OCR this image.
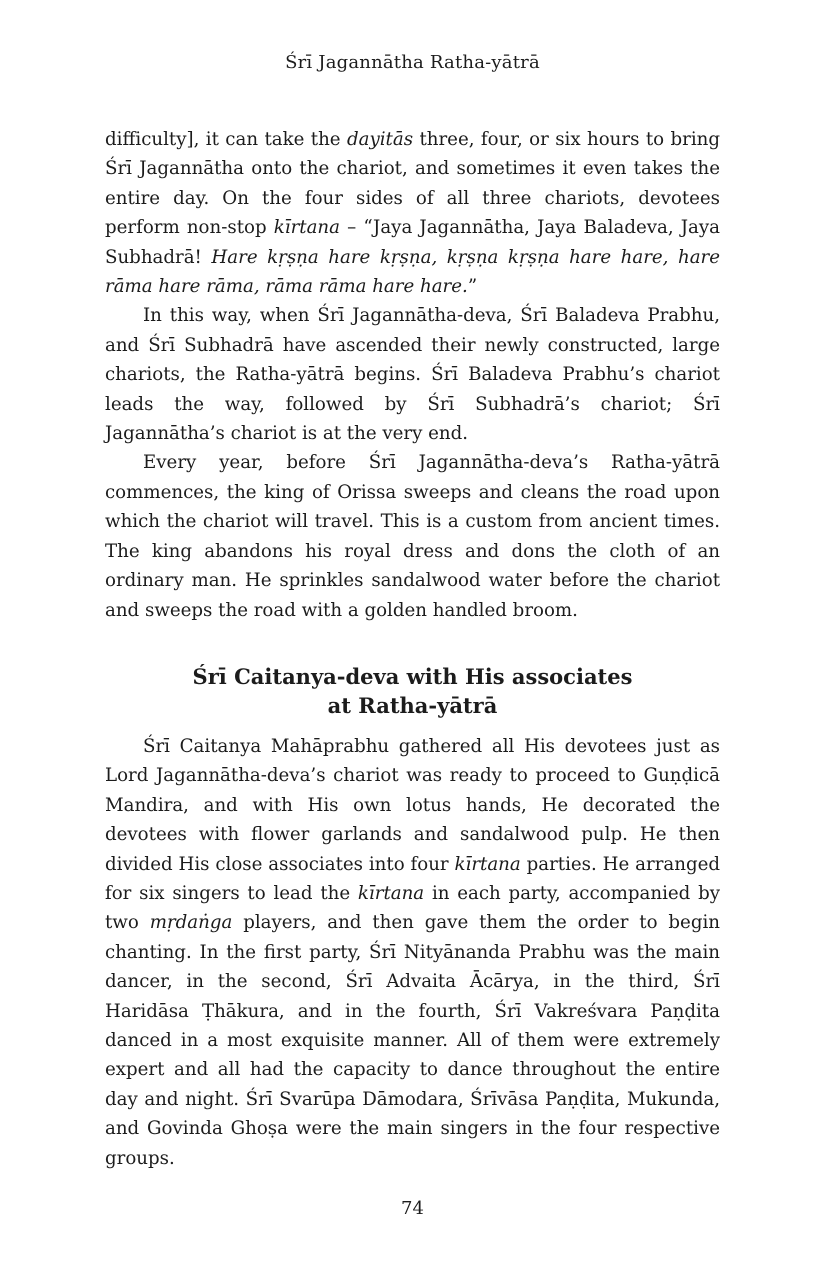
Śrī Jagannātha Ratha-yātrā

difficulty], it can take the dayitās three, four, or six hours to bring Śrī Jagannātha onto the chariot, and sometimes it even takes the entire day. On the four sides of all three chariots, devotees perform non-stop kīrtana – “Jaya Jagannātha, Jaya Baladeva, Jaya Subhadrā! Hare kṛṣṇa hare kṛṣṇa, kṛṣṇa kṛṣṇa hare hare, hare rāma hare rāma, rāma rāma hare hare.”

In this way, when Śrī Jagannātha-deva, Śrī Baladeva Prabhu, and Śrī Subhadrā have ascended their newly constructed, large chariots, the Ratha-yātrā begins. Śrī Baladeva Prabhu’s chariot leads the way, followed by Śrī Subhadrā’s chariot; Śrī Jagannātha’s chariot is at the very end.

Every year, before Śrī Jagannātha-deva’s Ratha-yātrā commences, the king of Orissa sweeps and cleans the road upon which the chariot will travel. This is a custom from ancient times. The king abandons his royal dress and dons the cloth of an ordinary man. He sprinkles sandalwood water before the chariot and sweeps the road with a golden handled broom.

Śrī Caitanya-deva with His associates
at Ratha-yātrā

Śrī Caitanya Mahāprabhu gathered all His devotees just as Lord Jagannātha-deva’s chariot was ready to proceed to Guṇḍicā Mandira, and with His own lotus hands, He decorated the devotees with flower garlands and sandalwood pulp. He then divided His close associates into four kīrtana parties. He arranged for six singers to lead the kīrtana in each party, accompanied by two mṛdaṅga players, and then gave them the order to begin chanting. In the first party, Śrī Nityānanda Prabhu was the main dancer, in the second, Śrī Advaita Ācārya, in the third, Śrī Haridāsa Ṭhākura, and in the fourth, Śrī Vakreśvara Paṇḍita danced in a most exquisite manner. All of them were extremely expert and all had the capacity to dance throughout the entire day and night. Śrī Svarūpa Dāmodara, Śrīvāsa Paṇḍita, Mukunda, and Govinda Ghoṣa were the main singers in the four respective groups.

74
